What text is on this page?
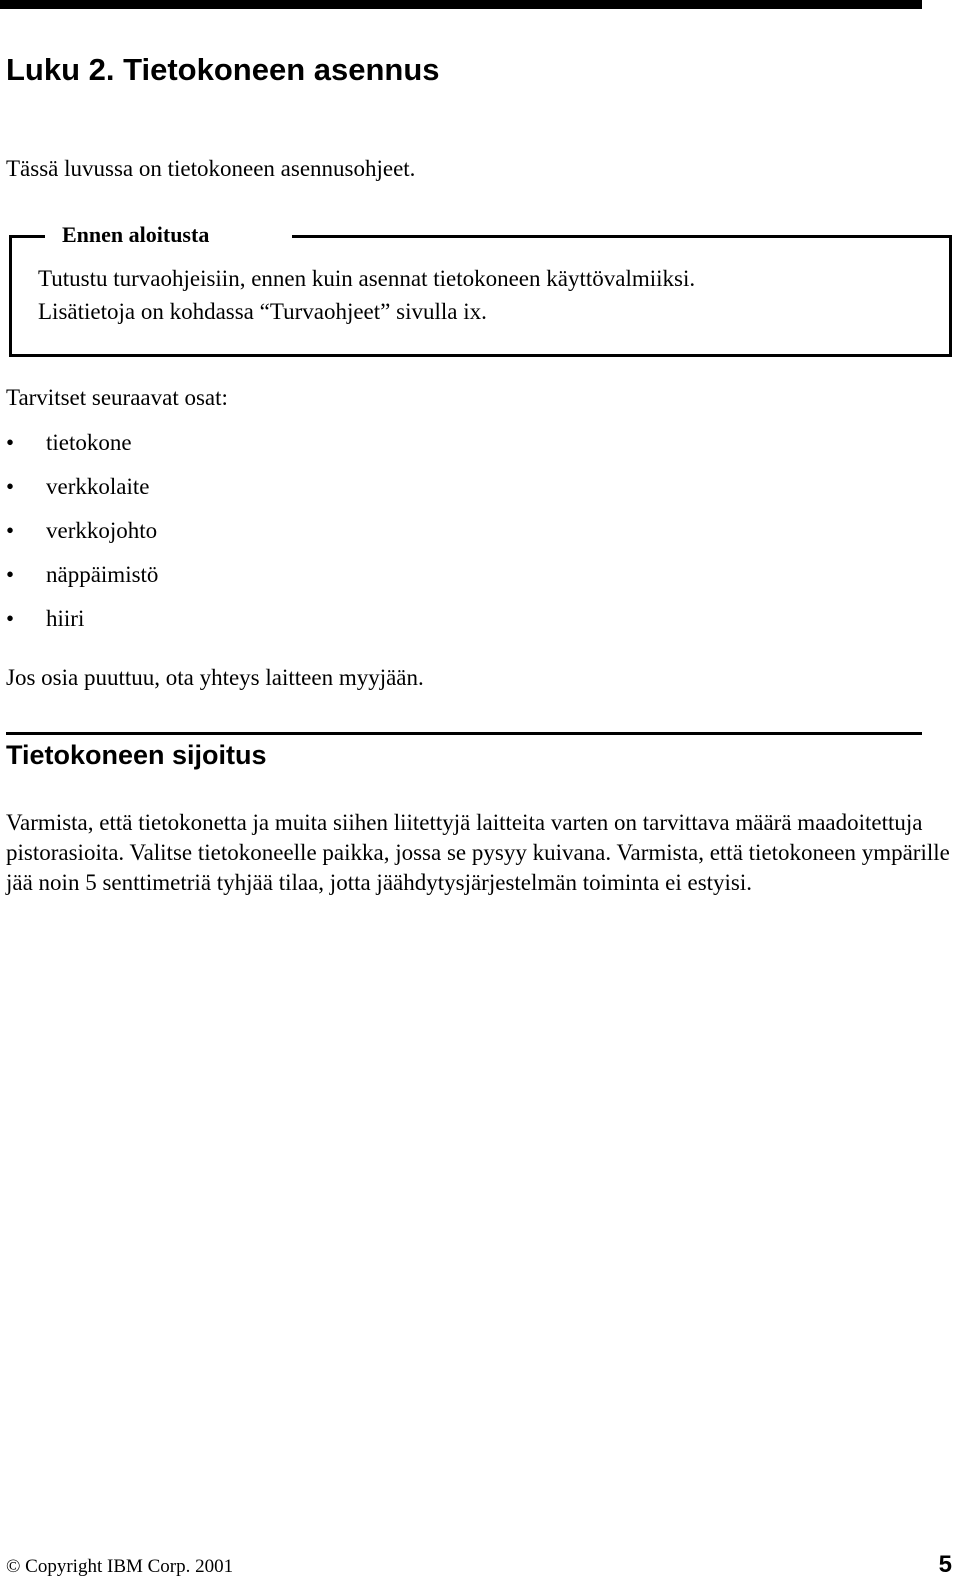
Luku 2. Tietokoneen asennus

Tässä luvussa on tietokoneen asennusohjeet.

Ennen aloitusta

Tutustu turvaohjeisiin, ennen kuin asennat tietokoneen käyttövalmiiksi.
Lisätietoja on kohdassa “Turvaohjeet” sivulla ix.

Tarvitset seuraavat osat:

•	tietokone
•	verkkolaite
•	verkkojohto
•	näppäimistö
•	hiiri

Jos osia puuttuu, ota yhteys laitteen myyjään.

Tietokoneen sijoitus

Varmista, että tietokonetta ja muita siihen liitettyjä laitteita varten on tarvittava määrä maadoitettuja pistorasioita. Valitse tietokoneelle paikka, jossa se pysyy kuivana. Varmista, että tietokoneen ympärille jää noin 5 senttimetriä tyhjää tilaa, jotta jäähdytysjärjestelmän toiminta ei estyisi.

© Copyright IBM Corp. 2001	5
